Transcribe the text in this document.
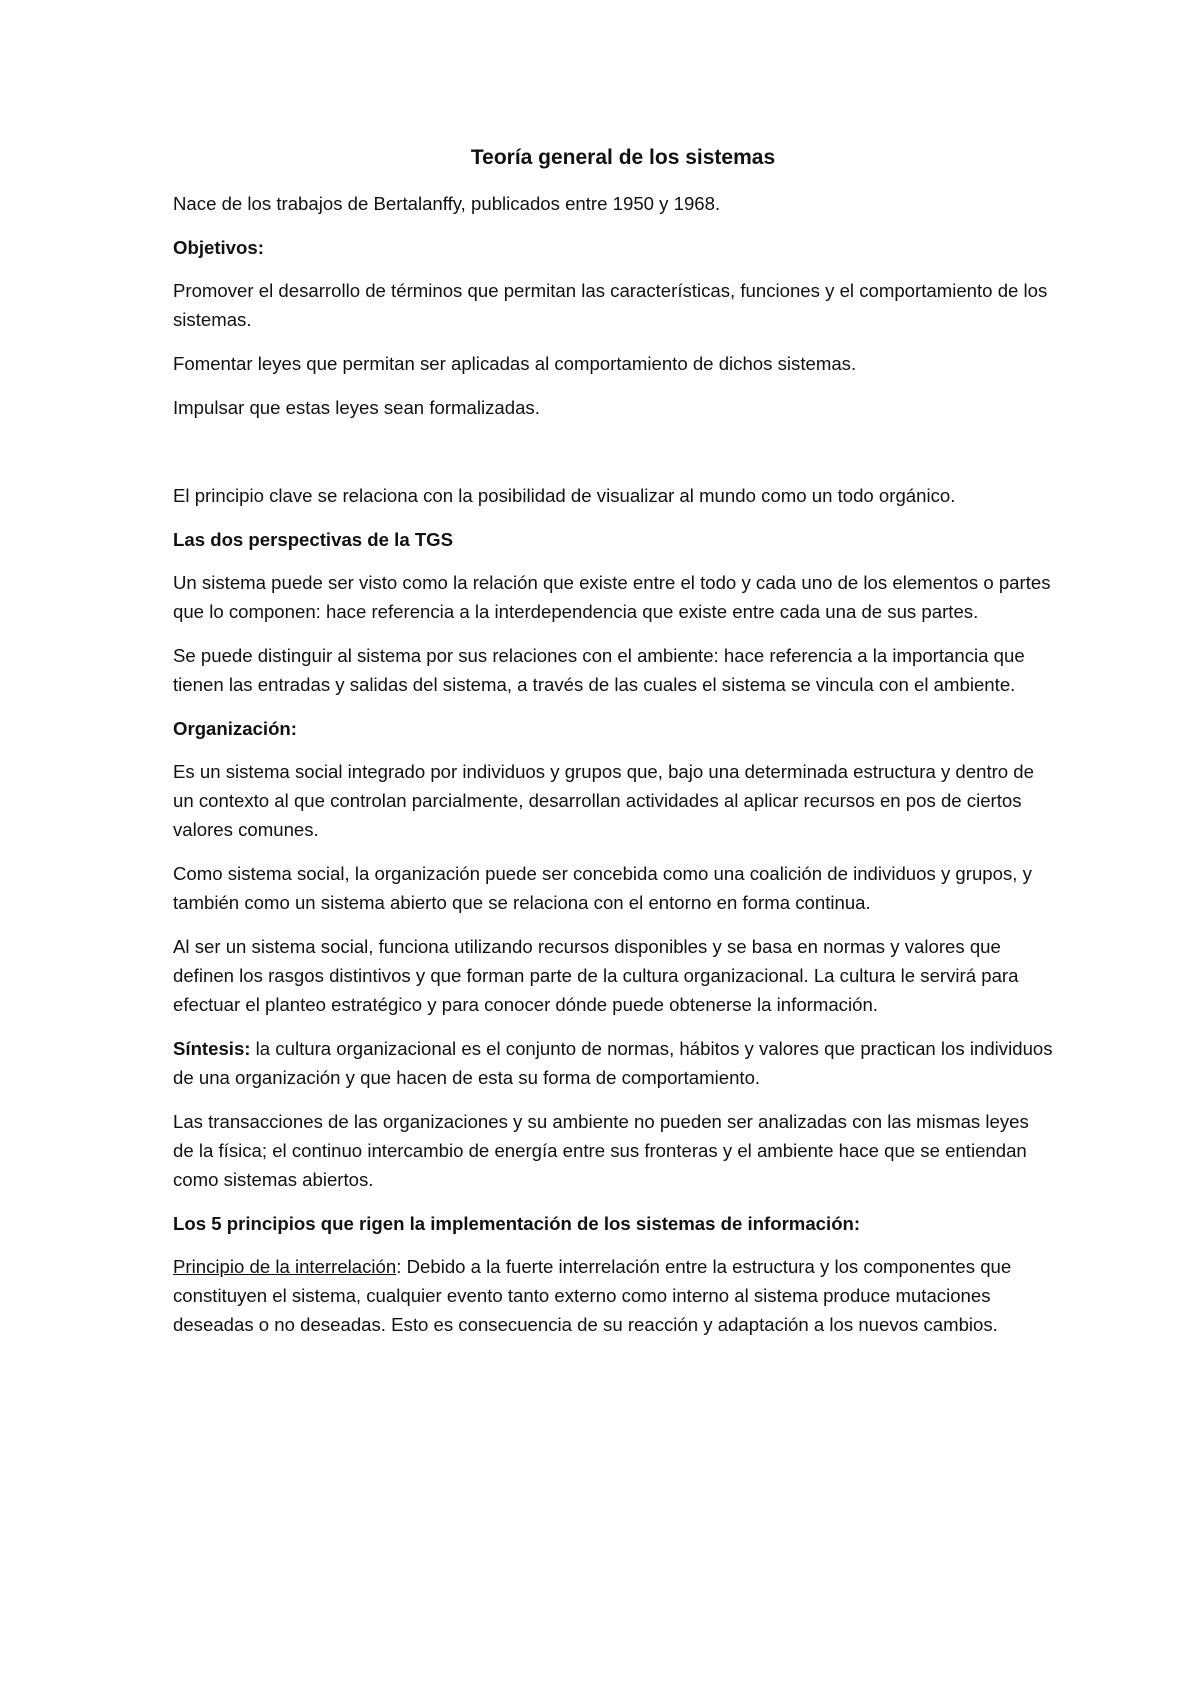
Teoría general de los sistemas

Nace de los trabajos de Bertalanffy, publicados entre 1950 y 1968.

Objetivos:

Promover el desarrollo de términos que permitan las características, funciones y el comportamiento de los sistemas.

Fomentar leyes que permitan ser aplicadas al comportamiento de dichos sistemas.

Impulsar que estas leyes sean formalizadas.

El principio clave se relaciona con la posibilidad de visualizar al mundo como un todo orgánico.

Las dos perspectivas de la TGS

Un sistema puede ser visto como la relación que existe entre el todo y cada uno de los elementos o partes que lo componen: hace referencia a la interdependencia que existe entre cada una de sus partes.

Se puede distinguir al sistema por sus relaciones con el ambiente: hace referencia a la importancia que tienen las entradas y salidas del sistema, a través de las cuales el sistema se vincula con el ambiente.

Organización:

Es un sistema social integrado por individuos y grupos que, bajo una determinada estructura y dentro de un contexto al que controlan parcialmente, desarrollan actividades al aplicar recursos en pos de ciertos valores comunes.

Como sistema social, la organización puede ser concebida como una coalición de individuos y grupos, y también como un sistema abierto que se relaciona con el entorno en forma continua.

Al ser un sistema social, funciona utilizando recursos disponibles y se basa en normas y valores que definen los rasgos distintivos y que forman parte de la cultura organizacional. La cultura le servirá para efectuar el planteo estratégico y para conocer dónde puede obtenerse la información.

Síntesis: la cultura organizacional es el conjunto de normas, hábitos y valores que practican los individuos de una organización y que hacen de esta su forma de comportamiento.

Las transacciones de las organizaciones y su ambiente no pueden ser analizadas con las mismas leyes de la física; el continuo intercambio de energía entre sus fronteras y el ambiente hace que se entiendan como sistemas abiertos.

Los 5 principios que rigen la implementación de los sistemas de información:

Principio de la interrelación: Debido a la fuerte interrelación entre la estructura y los componentes que constituyen el sistema, cualquier evento tanto externo como interno al sistema produce mutaciones deseadas o no deseadas. Esto es consecuencia de su reacción y adaptación a los nuevos cambios.
